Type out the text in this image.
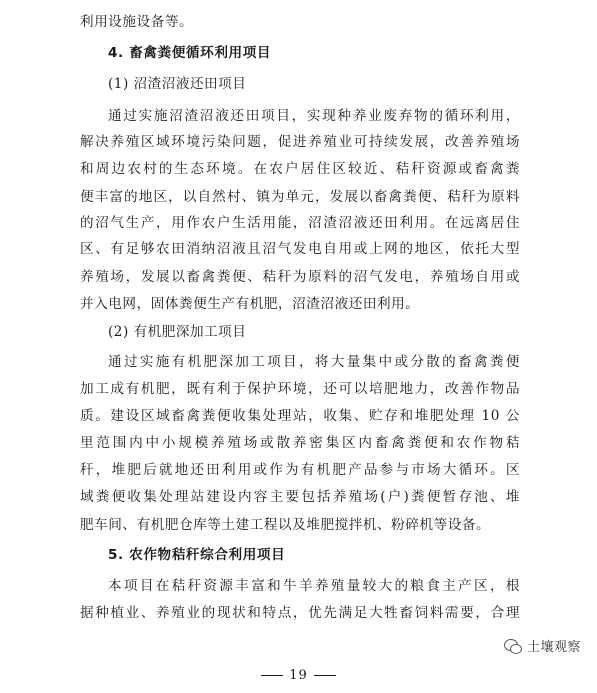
利用设施设备等。
4. 畜禽粪便循环利用项目
(1) 沼渣沼液还田项目
通过实施沼渣沼液还田项目，实现种养业废弃物的循环利用，
解决养殖区域环境污染问题，促进养殖业可持续发展，改善养殖场
和周边农村的生态环境。在农户居住区较近、秸秆资源或畜禽粪
便丰富的地区，以自然村、镇为单元，发展以畜禽粪便、秸秆为原料
的沼气生产，用作农户生活用能，沼渣沼液还田利用。在远离居住
区、有足够农田消纳沼液且沼气发电自用或上网的地区，依托大型
养殖场，发展以畜禽粪便、秸秆为原料的沼气发电，养殖场自用或
并入电网，固体粪便生产有机肥，沼渣沼液还田利用。
(2) 有机肥深加工项目
通过实施有机肥深加工项目，将大量集中或分散的畜禽粪便
加工成有机肥，既有利于保护环境，还可以培肥地力，改善作物品
质。建设区域畜禽粪便收集处理站，收集、贮存和堆肥处理 10 公
里范围内中小规模养殖场或散养密集区内畜禽粪便和农作物秸
秆，堆肥后就地还田利用或作为有机肥产品参与市场大循环。区
域粪便收集处理站建设内容主要包括养殖场(户)粪便暂存池、堆
肥车间、有机肥仓库等土建工程以及堆肥搅拌机、粉碎机等设备。
5. 农作物秸秆综合利用项目
本项目在秸秆资源丰富和牛羊养殖量较大的粮食主产区，根
据种植业、养殖业的现状和特点，优先满足大牲畜饲料需要，合理
土壤观察
19
